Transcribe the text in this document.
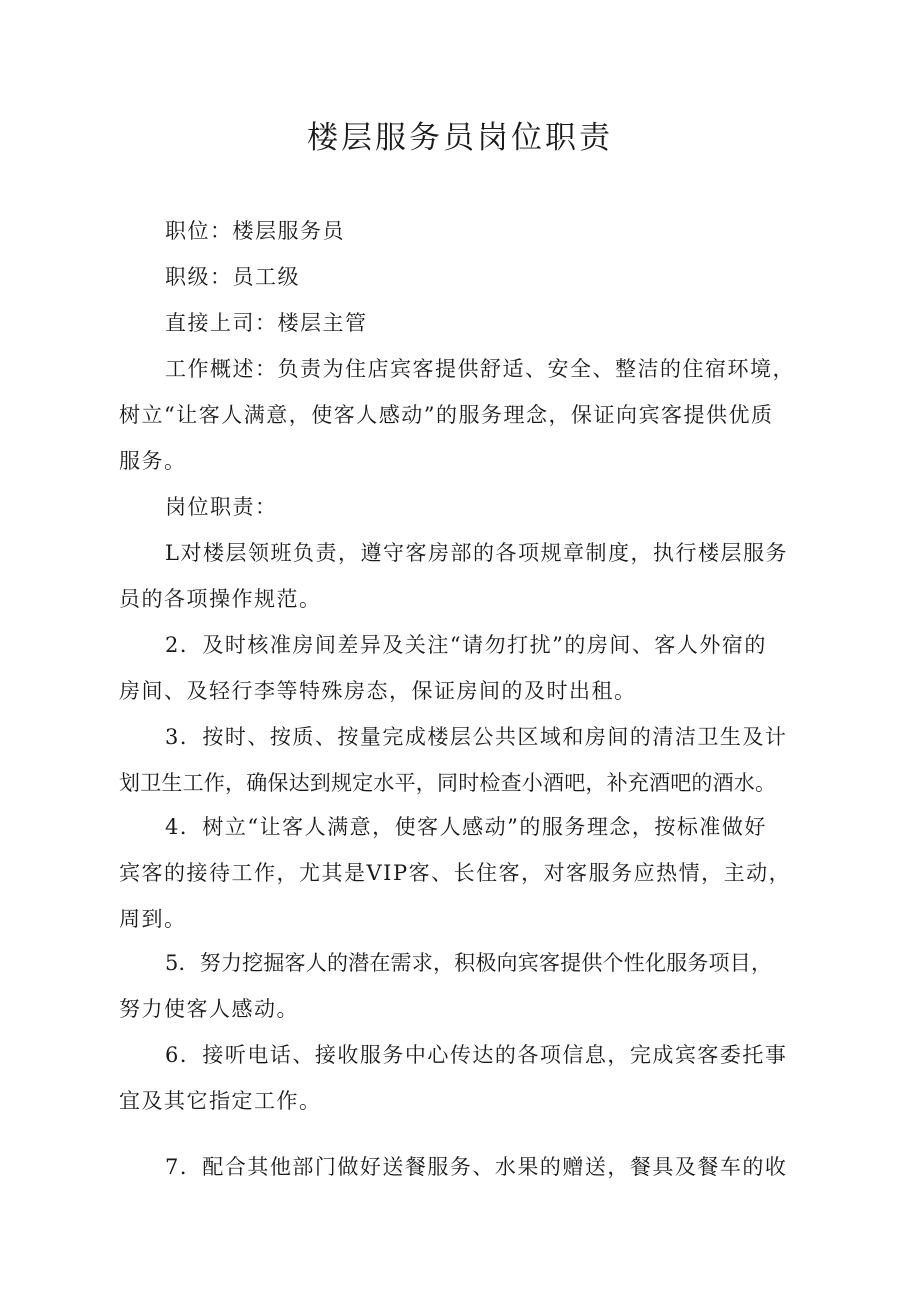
楼层服务员岗位职责
职位：楼层服务员
职级：员工级
直接上司：楼层主管
工作概述：负责为住店宾客提供舒适、安全、整洁的住宿环境，
树立“让客人满意，使客人感动”的服务理念，保证向宾客提供优质
服务。
岗位职责：
L对楼层领班负责，遵守客房部的各项规章制度，执行楼层服务
员的各项操作规范。
2．及时核准房间差异及关注“请勿打扰”的房间、客人外宿的
房间、及轻行李等特殊房态，保证房间的及时出租。
3．按时、按质、按量完成楼层公共区域和房间的清洁卫生及计
划卫生工作，确保达到规定水平，同时检查小酒吧，补充酒吧的酒水。
4．树立“让客人满意，使客人感动”的服务理念，按标准做好
宾客的接待工作，尤其是VIP客、长住客，对客服务应热情，主动，
周到。
5．努力挖掘客人的潜在需求，积极向宾客提供个性化服务项目，
努力使客人感动。
6．接听电话、接收服务中心传达的各项信息，完成宾客委托事
宜及其它指定工作。
7．配合其他部门做好送餐服务、水果的赠送，餐具及餐车的收
